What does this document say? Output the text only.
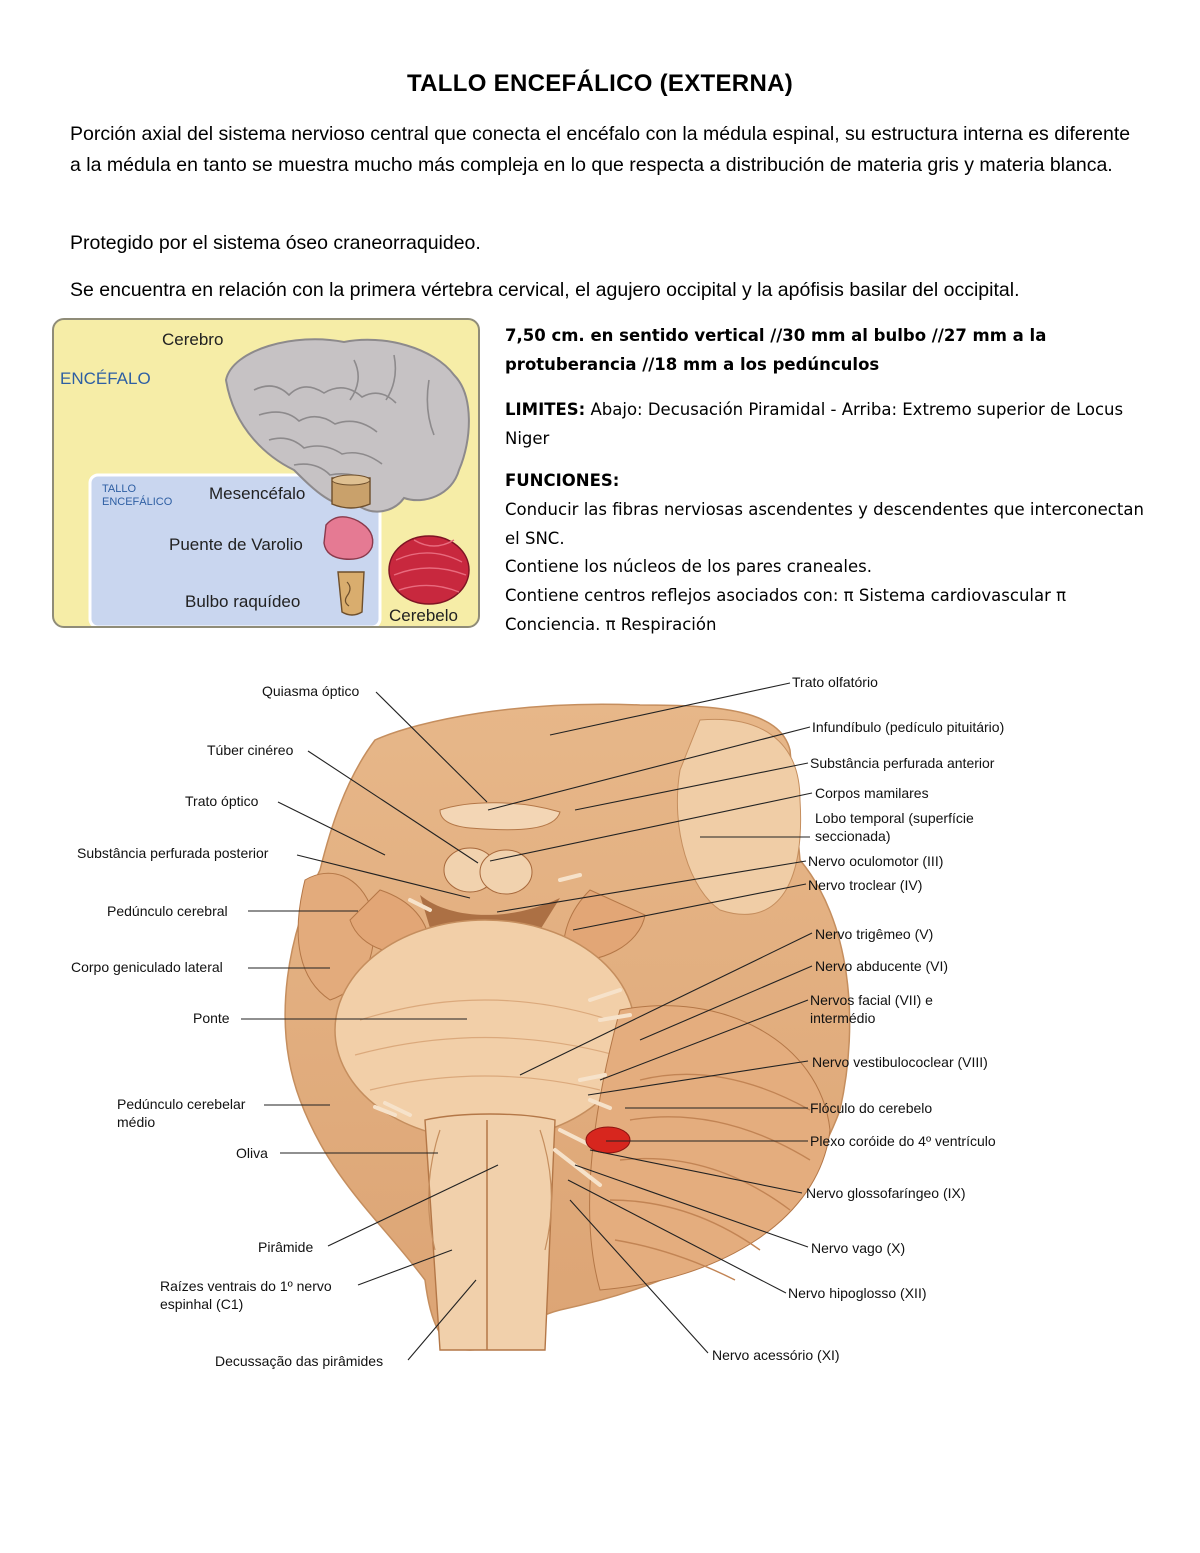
TALLO ENCEFÁLICO (EXTERNA)

Porción axial del sistema nervioso central que conecta el encéfalo con la médula espinal, su estructura interna es diferente a la médula en tanto se muestra mucho más compleja en lo que respecta a distribución de materia gris y materia blanca.

Protegido por el sistema óseo craneorraquideo.

Se encuentra en relación con la primera vértebra cervical, el agujero occipital y la apófisis basilar del occipital.

Cerebro
ENCÉFALO
TALLO
ENCEFÁLICO Mesencéfalo
Puente de Varolio
Bulbo raquídeo
Cerebelo
7,50 cm. en sentido vertical //30 mm al bulbo //27 mm a la protuberancia //18 mm a los pedúnculos
LIMITES: Abajo: Decusación Piramidal - Arriba: Extremo superior de Locus Niger
FUNCIONES:
Conducir las fibras nerviosas ascendentes y descendentes que interconectan el SNC.
Contiene los núcleos de los pares craneales.
Contiene centros reflejos asociados con: π Sistema cardiovascular π Conciencia. π Respiración
Quiasma óptico
Túber cinéreo
Trato óptico
Substância perfurada posterior
Pedúnculo cerebral
Corpo geniculado lateral
Ponte
Pedúnculo cerebelar médio
Oliva
Pirâmide
Raízes ventrais do 1º nervo espinhal (C1)
Decussação das pirâmides
Trato olfatório
Infundíbulo (pedículo pituitário)
Substância perfurada anterior
Corpos mamilares
Lobo temporal (superfície seccionada)
Nervo oculomotor (III)
Nervo troclear (IV)
Nervo trigêmeo (V)
Nervo abducente (VI)
Nervos facial (VII) e intermédio
Nervo vestibulococlear (VIII)
Flóculo do cerebelo
Plexo coróide do 4º ventrículo
Nervo glossofaríngeo (IX)
Nervo vago (X)
Nervo hipoglosso (XII)
Nervo acessório (XI)
